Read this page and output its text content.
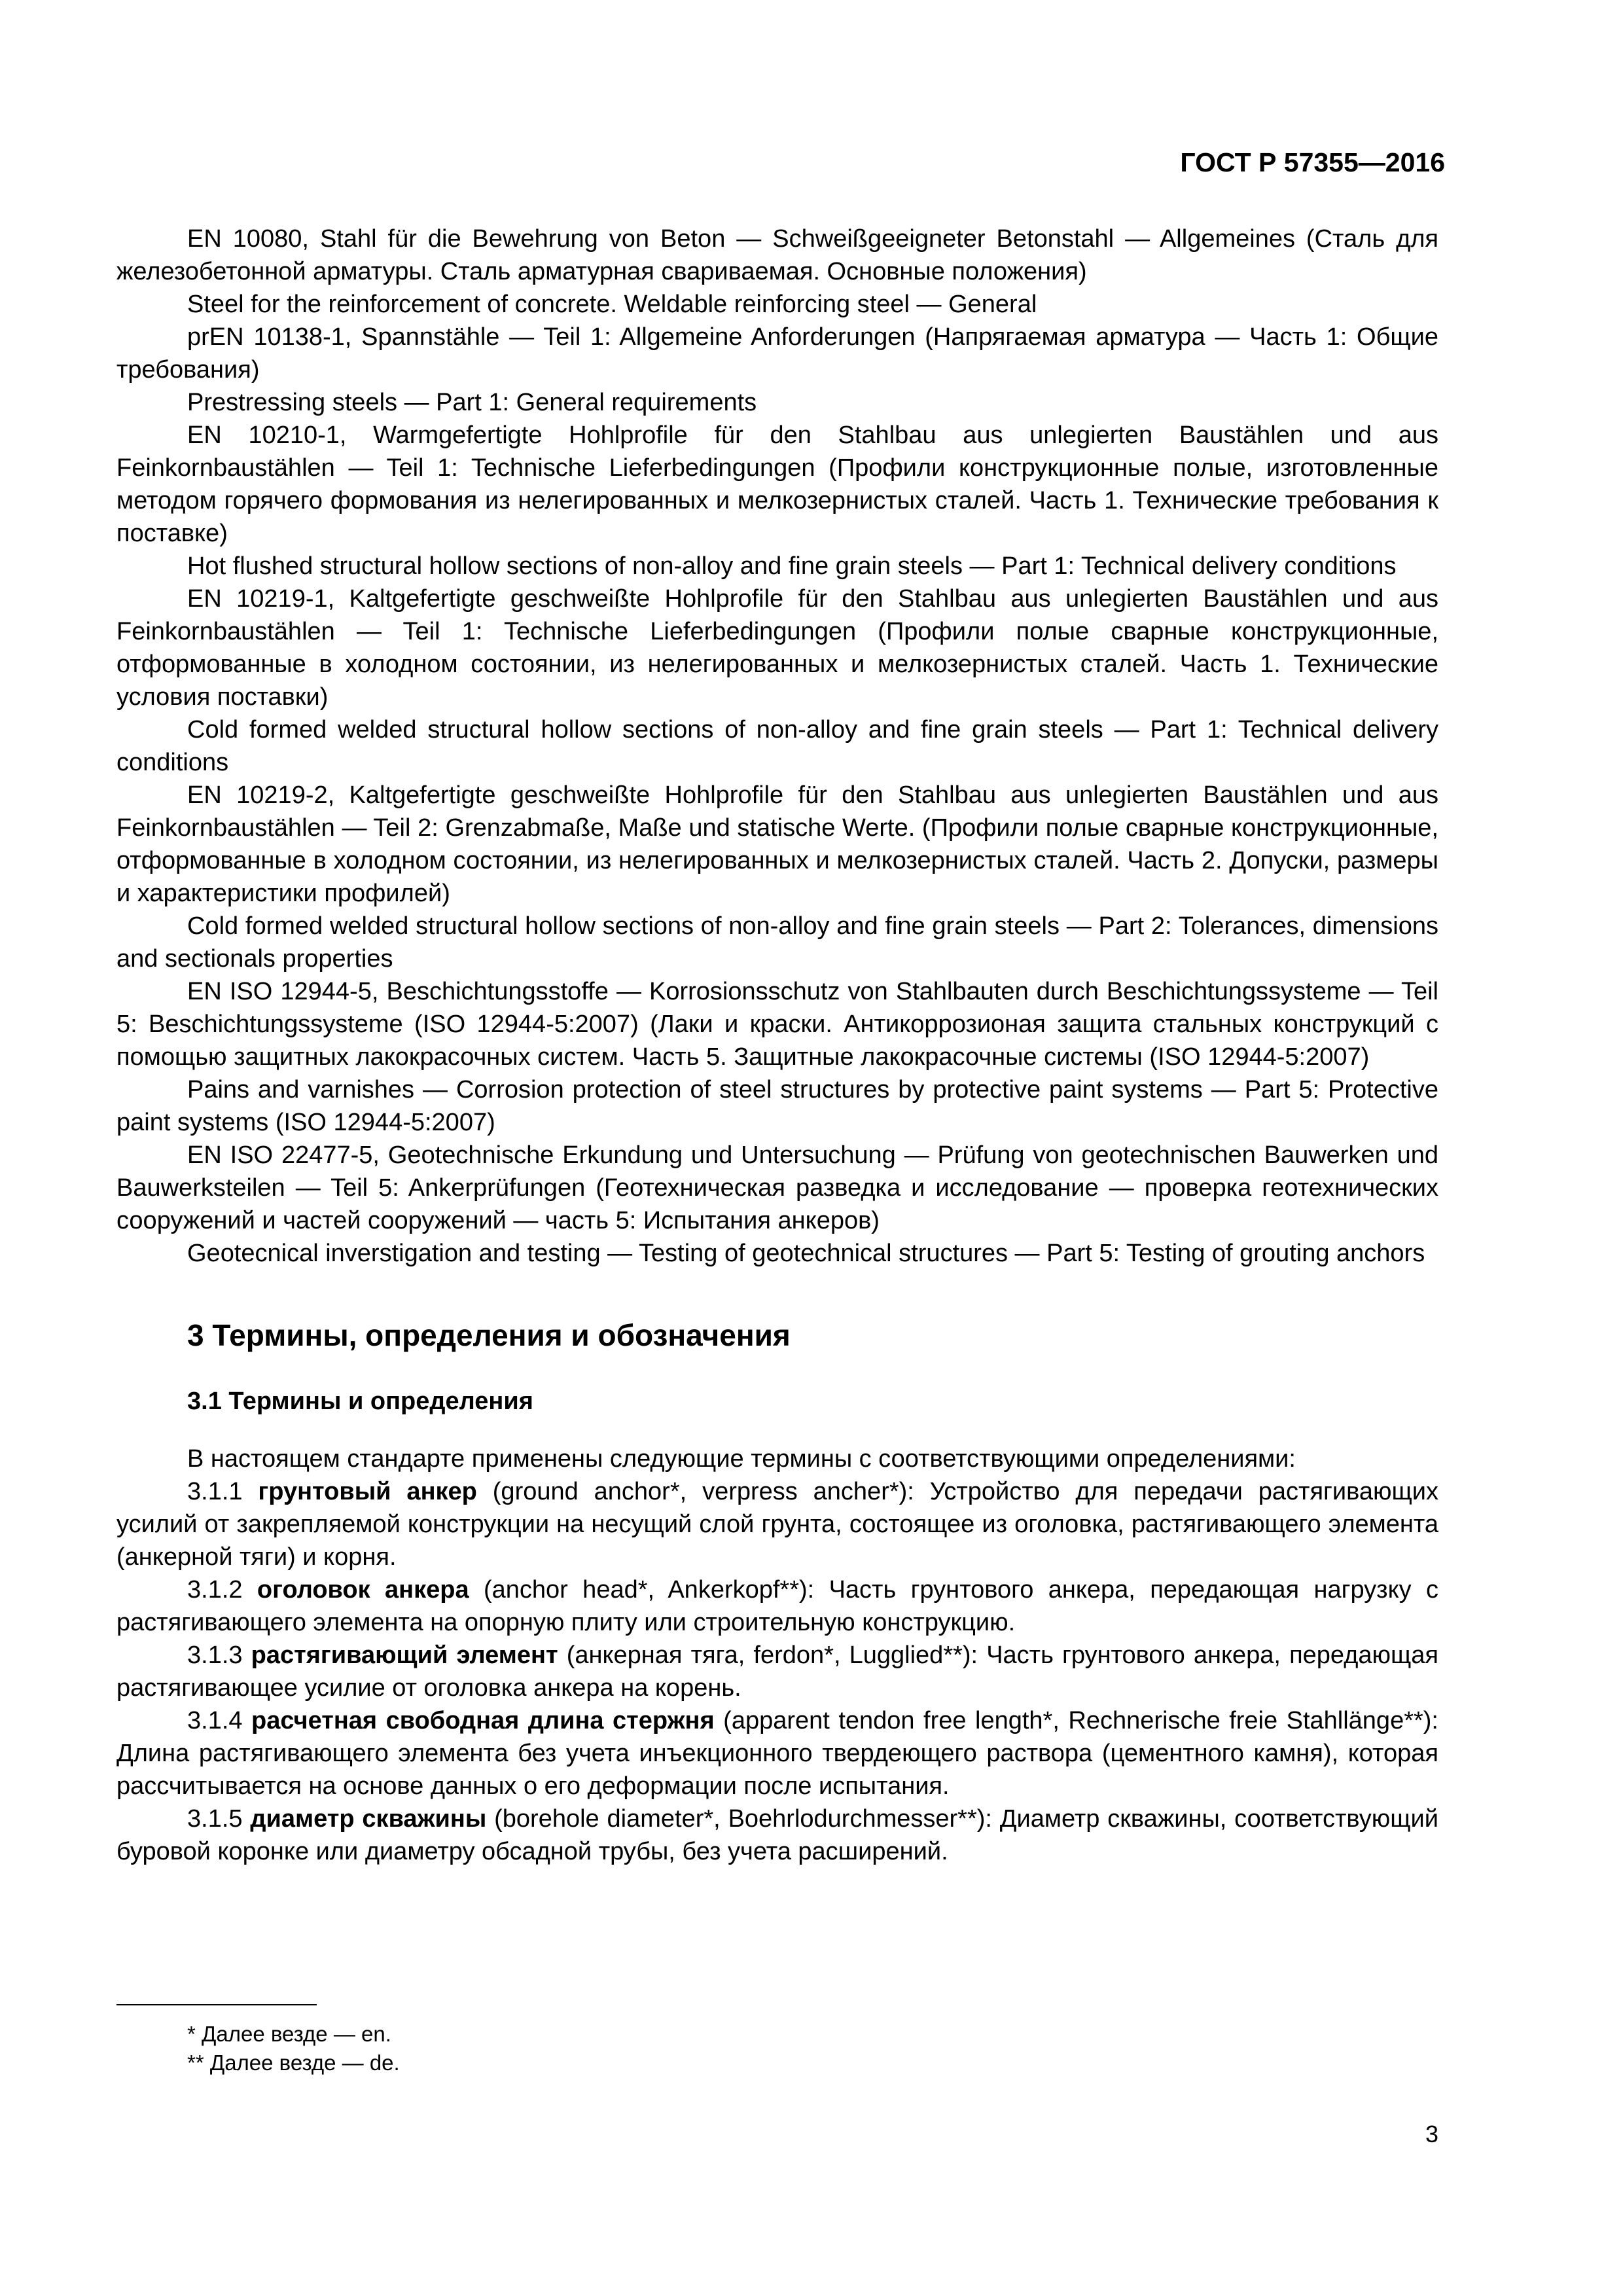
ГОСТ Р 57355—2016

EN 10080, Stahl für die Bewehrung von Beton — Schweißgeeigneter Betonstahl — Allgemeines (Сталь для железобетонной арматуры. Сталь арматурная свариваемая. Основные положения)

Steel for the reinforcement of concrete. Weldable reinforcing steel — General

prEN 10138-1, Spannstähle — Teil 1: Allgemeine Anforderungen (Напрягаемая арматура — Часть 1: Общие требования)

Prestressing steels — Part 1: General requirements

EN 10210-1, Warmgefertigte Hohlprofile für den Stahlbau aus unlegierten Baustählen und aus Feinkornbaustählen — Teil 1: Technische Lieferbedingungen (Профили конструкционные полые, изготовленные методом горячего формования из нелегированных и мелкозернистых сталей. Часть 1. Технические требования к поставке)

Hot flushed structural hollow sections of non-alloy and fine grain steels — Part 1: Technical delivery conditions

EN 10219-1, Kaltgefertigte geschweißte Hohlprofile für den Stahlbau aus unlegierten Baustählen und aus Feinkornbaustählen — Teil 1: Technische Lieferbedingungen (Профили полые сварные конструкционные, отформованные в холодном состоянии, из нелегированных и мелкозернистых сталей. Часть 1. Технические условия поставки)

Cold formed welded structural hollow sections of non-alloy and fine grain steels — Part 1: Technical delivery conditions

EN 10219-2, Kaltgefertigte geschweißte Hohlprofile für den Stahlbau aus unlegierten Baustählen und aus Feinkornbaustählen — Teil 2: Grenzabmaße, Maße und statische Werte. (Профили полые сварные конструкционные, отформованные в холодном состоянии, из нелегированных и мелкозернистых сталей. Часть 2. Допуски, размеры и характеристики профилей)

Cold formed welded structural hollow sections of non-alloy and fine grain steels — Part 2: Tolerances, dimensions and sectionals properties

EN ISO 12944-5, Beschichtungsstoffe — Korrosionsschutz von Stahlbauten durch Beschichtungssysteme — Teil 5: Beschichtungssysteme (ISO 12944-5:2007) (Лаки и краски. Антикоррозионая защита стальных конструкций с помощью защитных лакокрасочных систем. Часть 5. Защитные лакокрасочные системы (ISO 12944-5:2007)

Pains and varnishes — Corrosion protection of steel structures by protective paint systems — Part 5: Protective paint systems (ISO 12944-5:2007)

EN ISO 22477-5, Geotechnische Erkundung und Untersuchung — Prüfung von geotechnischen Bauwerken und Bauwerksteilen — Teil 5: Ankerprüfungen (Геотехническая разведка и исследование — проверка геотехнических сооружений и частей сооружений — часть 5: Испытания анкеров)

Geotecnical inverstigation and testing — Testing of geotechnical structures — Part 5: Testing of grouting anchors

3 Термины, определения и обозначения
3.1 Термины и определения

В настоящем стандарте применены следующие термины с соответствующими определениями:

3.1.1 грунтовый анкер (ground anchor*, verpress ancher*): Устройство для передачи растягивающих усилий от закрепляемой конструкции на несущий слой грунта, состоящее из оголовка, растягивающего элемента (анкерной тяги) и корня.

3.1.2 оголовок анкера (anchor head*, Ankerkopf**): Часть грунтового анкера, передающая нагрузку с растягивающего элемента на опорную плиту или строительную конструкцию.

3.1.3 растягивающий элемент (анкерная тяга, ferdon*, Lugglied**): Часть грунтового анкера, передающая растягивающее усилие от оголовка анкера на корень.

3.1.4 расчетная свободная длина стержня (apparent tendon free length*, Rechnerische freie Stahllänge**): Длина растягивающего элемента без учета инъекционного твердеющего раствора (цементного камня), которая рассчитывается на основе данных о его деформации после испытания.

3.1.5 диаметр скважины (borehole diameter*, Boehrlodurchmesser**): Диаметр скважины, соответствующий буровой коронке или диаметру обсадной трубы, без учета расширений.

* Далее везде — en.
** Далее везде — de.
3
